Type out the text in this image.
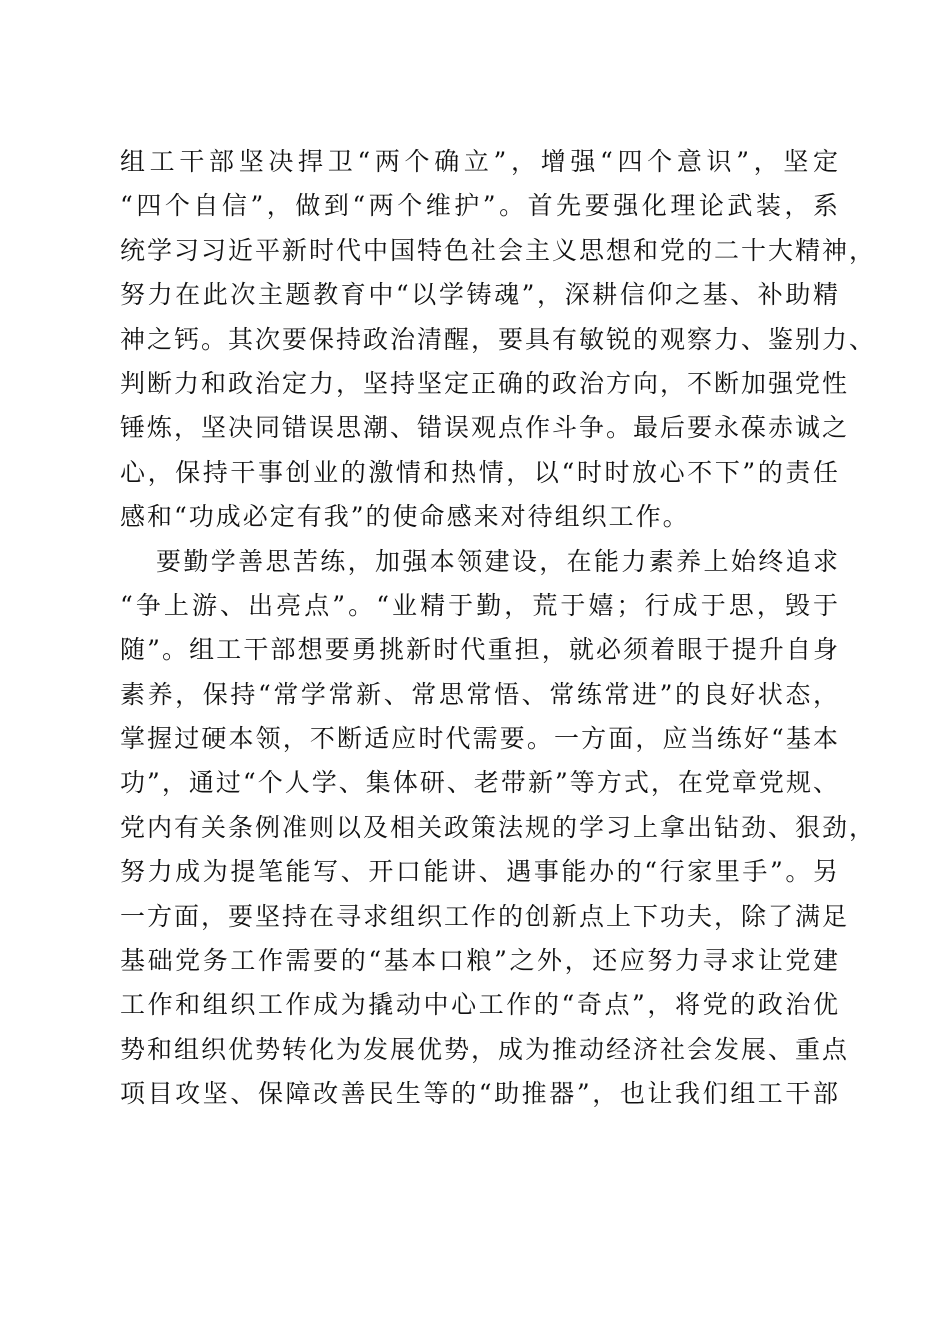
组工干部坚决捍卫“两个确立”，增强“四个意识”，坚定
“四个自信”，做到“两个维护”。首先要强化理论武装，系
统学习习近平新时代中国特色社会主义思想和党的二十大精神，
努力在此次主题教育中“以学铸魂”，深耕信仰之基、补助精
神之钙。其次要保持政治清醒，要具有敏锐的观察力、鉴别力、
判断力和政治定力，坚持坚定正确的政治方向，不断加强党性
锤炼，坚决同错误思潮、错误观点作斗争。最后要永葆赤诚之
心，保持干事创业的激情和热情，以“时时放心不下”的责任
感和“功成必定有我”的使命感来对待组织工作。
要勤学善思苦练，加强本领建设，在能力素养上始终追求
“争上游、出亮点”。“业精于勤，荒于嬉；行成于思，毁于
随”。组工干部想要勇挑新时代重担，就必须着眼于提升自身
素养，保持“常学常新、常思常悟、常练常进”的良好状态，
掌握过硬本领，不断适应时代需要。一方面，应当练好“基本
功”，通过“个人学、集体研、老带新”等方式，在党章党规、
党内有关条例准则以及相关政策法规的学习上拿出钻劲、狠劲，
努力成为提笔能写、开口能讲、遇事能办的“行家里手”。另
一方面，要坚持在寻求组织工作的创新点上下功夫，除了满足
基础党务工作需要的“基本口粮”之外，还应努力寻求让党建
工作和组织工作成为撬动中心工作的“奇点”，将党的政治优
势和组织优势转化为发展优势，成为推动经济社会发展、重点
项目攻坚、保障改善民生等的“助推器”，也让我们组工干部
